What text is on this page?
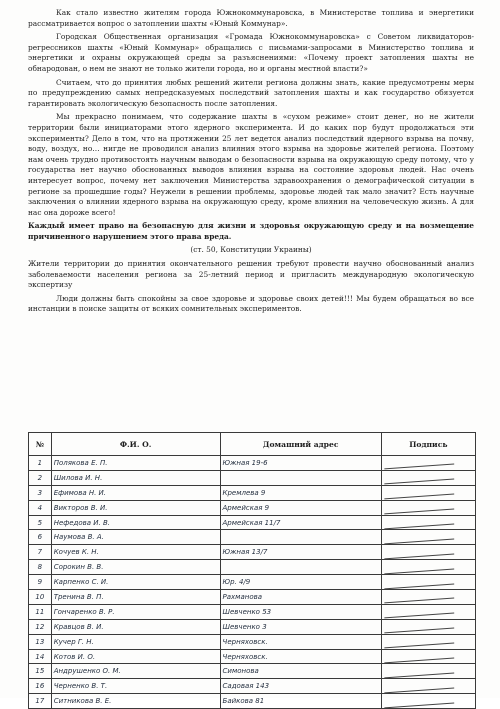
Как стало известно жителям города Южнокоммунаровска, в Министерстве топлива и энергетики рассматривается вопрос о затоплении шахты «Юный Коммунар».

Городская Общественная организация «Громада Южнокоммунаровска» с Советом ликвидаторов-регрессников шахты «Юный Коммунар» обращались с письмами-запросами в Министерство топлива и энергетики и охраны окружающей среды за разъяснениями: «Почему проект затопления шахты не обнародован, о нем не знают не только жители города, но и органы местной власти?»

Считаем, что до принятия любых решений жители региона должны знать, какие предусмотрены меры по предупреждению самых непредсказуемых последствий затопления шахты и как государство обязуется гарантировать экологическую безопасность после затопления.

Мы прекрасно понимаем, что содержание шахты в «сухом режиме» стоит денег, но не жители территории были инициаторами этого ядерного эксперимента. И до каких пор будут продолжаться эти эксперименты? Дело в том, что на протяжении 25 лет ведется анализ последствий ядерного взрыва на почву, воду, воздух, но… нигде не проводился анализ влияния этого взрыва на здоровье жителей региона. Поэтому нам очень трудно противостоять научным выводам о безопасности взрыва на окружающую среду потому, что у государства нет научно обоснованных выводов влияния взрыва на состояние здоровья людей. Нас очень интересует вопрос, почему нет заключения Министерства здравоохранения о демографической ситуации в регионе за прошедшие годы? Неужели в решении проблемы, здоровье людей так мало значит? Есть научные заключения о влиянии ядерного взрыва на окружающую среду, кроме влияния на человеческую жизнь. А для нас она дороже всего!

Каждый имеет право на безопасную для жизни и здоровья окружающую среду и на возмещение причиненного нарушением этого права вреда.

(ст. 50, Конституции Украины)

Жители территории до принятия окончательного решения требуют провести научно обоснованный анализ заболеваемости населения региона за 25-летний период и пригласить международную экологическую экспертизу

Люди должны быть спокойны за свое здоровье и здоровье своих детей!!! Мы будем обращаться во все инстанции в поиске защиты от всяких сомнительных экспериментов.

№	Ф.И. О.	Домашний адрес	Подпись
1	Полякова Е. П.	Южная 19-6	

2	Шилова И. Н.		

3	Ефимова Н. И.	Кремлева 9	

4	Викторов В. И.	Армейская 9	

5	Нефедова И. В.	Армейская 11/7	

6	Наумова В. А.		

7	Кочуев К. Н.	Южная 13/7	

8	Сорокин В. В.		

9	Карпенко С. И.	Юр. 4/9	

10	Тренина В. П.	Рахманова	

11	Гончаренко В. Р.	Шевченко 53	

12	Кравцов В. И.	Шевченко 3	

13	Кучер Г. Н.	Черняховск.	

14	Котов И. О.	Черняховск.	

15	Андрушенко О. М.	Симонова	

16	Черненко В. Т.	Садовая 143	

17	Ситникова В. Е.	Байкова 81	
